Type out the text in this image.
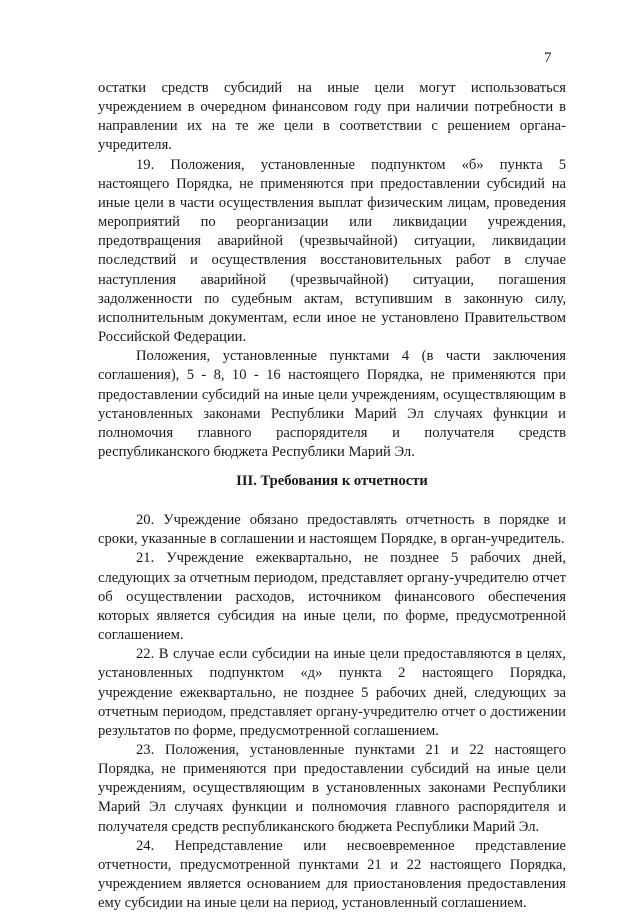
7

остатки средств субсидий на иные цели могут использоваться учреждением в очередном финансовом году при наличии потребности в направлении их на те же цели в соответствии с решением органа-учредителя.

19. Положения, установленные подпунктом «б» пункта 5 настоящего Порядка, не применяются при предоставлении субсидий на иные цели в части осуществления выплат физическим лицам, проведения мероприятий по реорганизации или ликвидации учреждения, предотвращения аварийной (чрезвычайной) ситуации, ликвидации последствий и осуществления восстановительных работ в случае наступления аварийной (чрезвычайной) ситуации, погашения задолженности по судебным актам, вступившим в законную силу, исполнительным документам, если иное не установлено Правительством Российской Федерации.

Положения, установленные пунктами 4 (в части заключения соглашения), 5 - 8, 10 - 16 настоящего Порядка, не применяются при предоставлении субсидий на иные цели учреждениям, осуществляющим в установленных законами Республики Марий Эл случаях функции и полномочия главного распорядителя и получателя средств республиканского бюджета Республики Марий Эл.

III. Требования к отчетности

20. Учреждение обязано предоставлять отчетность в порядке и сроки, указанные в соглашении и настоящем Порядке, в орган-учредитель.

21. Учреждение ежеквартально, не позднее 5 рабочих дней, следующих за отчетным периодом, представляет органу-учредителю отчет об осуществлении расходов, источником финансового обеспечения которых является субсидия на иные цели, по форме, предусмотренной соглашением.

22. В случае если субсидии на иные цели предоставляются в целях, установленных подпунктом «д» пункта 2 настоящего Порядка, учреждение ежеквартально, не позднее 5 рабочих дней, следующих за отчетным периодом, представляет органу-учредителю отчет о достижении результатов по форме, предусмотренной соглашением.

23. Положения, установленные пунктами 21 и 22 настоящего Порядка, не применяются при предоставлении субсидий на иные цели учреждениям, осуществляющим в установленных законами Республики Марий Эл случаях функции и полномочия главного распорядителя и получателя средств республиканского бюджета Республики Марий Эл.

24. Непредставление или несвоевременное представление отчетности, предусмотренной пунктами 21 и 22 настоящего Порядка, учреждением является основанием для приостановления предоставления ему субсидии на иные цели на период, установленный соглашением.
